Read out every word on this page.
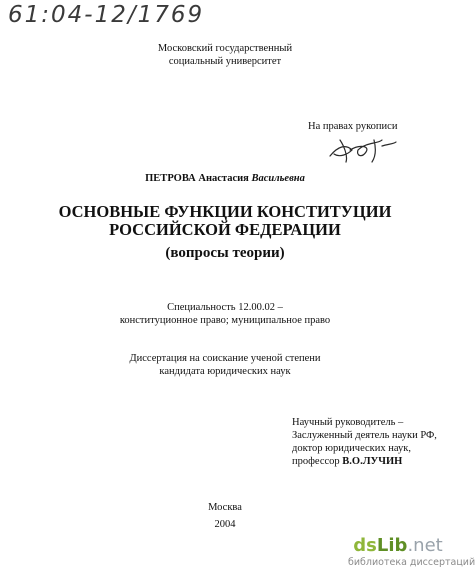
61:04-12/1769
Московский государственный
социальный университет
На правах рукописи
ПЕТРОВА Анастасия Васильевна
ОСНОВНЫЕ ФУНКЦИИ КОНСТИТУЦИИ
РОССИЙСКОЙ ФЕДЕРАЦИИ
(вопросы теории)
Специальность 12.00.02 –
конституционное право; муниципальное право
Диссертация на соискание ученой степени
кандидата юридических наук
Научный руководитель –
Заслуженный деятель науки РФ,
доктор юридических наук,
профессор В.О.ЛУЧИН
Москва
2004
dsLib.net
библиотека диссертаций
